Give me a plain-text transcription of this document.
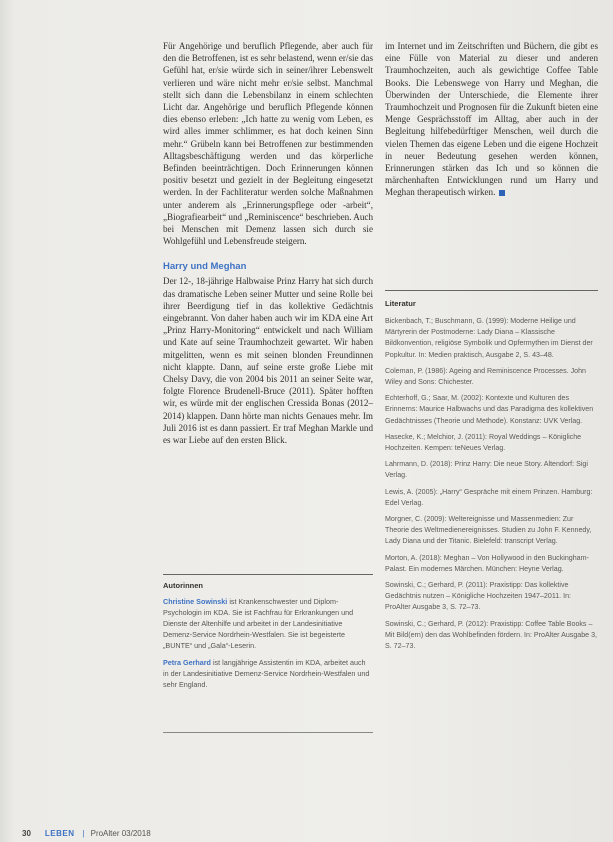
Für Angehörige und beruflich Pflegende, aber auch für den die Betroffenen, ist es sehr belastend, wenn er/sie das Gefühl hat, er/sie würde sich in seiner/ihrer Lebenswelt verlieren und wäre nicht mehr er/sie selbst. Manchmal stellt sich dann die Lebensbilanz in einem schlechten Licht dar. Angehörige und beruflich Pflegende können dies ebenso erleben: „Ich hatte zu wenig vom Leben, es wird alles immer schlimmer, es hat doch keinen Sinn mehr.“ Grübeln kann bei Betroffenen zur bestimmenden Alltagsbeschäftigung werden und das körperliche Befinden beeinträchtigen. Doch Erinnerungen können positiv besetzt und gezielt in der Begleitung eingesetzt werden. In der Fachliteratur werden solche Maßnahmen unter anderem als „Erinnerungspflege oder -arbeit“, „Biografiearbeit“ und „Reminiscence“ beschrieben. Auch bei Menschen mit Demenz lassen sich durch sie Wohlgefühl und Lebensfreude steigern.

Harry und Meghan

Der 12-, 18-jährige Halbwaise Prinz Harry hat sich durch das dramatische Leben seiner Mutter und seine Rolle bei ihrer Beerdigung tief in das kollektive Gedächtnis eingebrannt. Von daher haben auch wir im KDA eine Art „Prinz Harry-Monitoring“ entwickelt und nach William und Kate auf seine Traumhochzeit gewartet. Wir haben mitgelitten, wenn es mit seinen blonden Freundinnen nicht klappte. Dann, auf seine erste große Liebe mit Chelsy Davy, die von 2004 bis 2011 an seiner Seite war, folgte Florence Brudenell-Bruce (2011). Später hofften wir, es würde mit der englischen Cressida Bonas (2012–2014) klappen. Dann hörte man nichts Genaues mehr. Im Juli 2016 ist es dann passiert. Er traf Meghan Markle und es war Liebe auf den ersten Blick.

Autorinnen

Christine Sowinski ist Krankenschwester und Diplom-Psychologin im KDA. Sie ist Fachfrau für Erkrankungen und Dienste der Altenhilfe und arbeitet in der Landesinitiative Demenz-Service Nordrhein-Westfalen. Sie ist begeisterte „BUNTE“ und „Gala“-Leserin.

Petra Gerhard ist langjährige Assistentin im KDA, arbeitet auch in der Landesinitiative Demenz-Service Nordrhein-Westfalen und sehr England.

im Internet und im Zeitschriften und Büchern, die gibt es eine Fülle von Material zu dieser und anderen Traumhochzeiten, auch als gewichtige Coffee Table Books. Die Lebenswege von Harry und Meghan, die Überwinden der Unterschiede, die Elemente ihrer Traumhochzeit und Prognosen für die Zukunft bieten eine Menge Gesprächsstoff im Alltag, aber auch in der Begleitung hilfebedürftiger Menschen, weil durch die vielen Themen das eigene Leben und die eigene Hochzeit in neuer Bedeutung gesehen werden können, Erinnerungen stärken das Ich und so können die märchenhaften Entwicklungen rund um Harry und Meghan therapeutisch wirken.

Literatur

Bickenbach, T.; Buschmann, G. (1999): Moderne Heilige und Märtyrerin der Postmoderne: Lady Diana – Klassische Bildkonvention, religiöse Symbolik und Opfermythen im Dienst der Popkultur. In: Medien praktisch, Ausgabe 2, S. 43–48.

Coleman, P. (1986): Ageing and Reminiscence Processes. John Wiley and Sons: Chichester.

Echterhoff, G.; Saar, M. (2002): Kontexte und Kulturen des Erinnerns: Maurice Halbwachs und das Paradigma des kollektiven Gedächtnisses (Theorie und Methode). Konstanz: UVK Verlag.

Hasecke, K.; Melchior, J. (2011): Royal Weddings – Königliche Hochzeiten. Kempen: teNeues Verlag.

Lahrmann, D. (2018): Prinz Harry: Die neue Story. Altendorf: Sigi Verlag.

Lewis, A. (2005): „Harry“ Gespräche mit einem Prinzen. Hamburg: Edel Verlag.

Morgner, C. (2009): Weltereignisse und Massenmedien: Zur Theorie des Weltmedienereignisses. Studien zu John F. Kennedy, Lady Diana und der Titanic. Bielefeld: transcript Verlag.

Morton, A. (2018): Meghan – Von Hollywood in den Buckingham-Palast. Ein modernes Märchen. München: Heyne Verlag.

Sowinski, C.; Gerhard, P. (2011): Praxistipp: Das kollektive Gedächtnis nutzen – Königliche Hochzeiten 1947–2011. In: ProAlter Ausgabe 3, S. 72–73.

Sowinski, C.; Gerhard, P. (2012): Praxistipp: Coffee Table Books – Mit Bild(ern) den das Wohlbefinden fördern. In: ProAlter Ausgabe 3, S. 72–73.

30 LEBEN | ProAlter 03/2018
